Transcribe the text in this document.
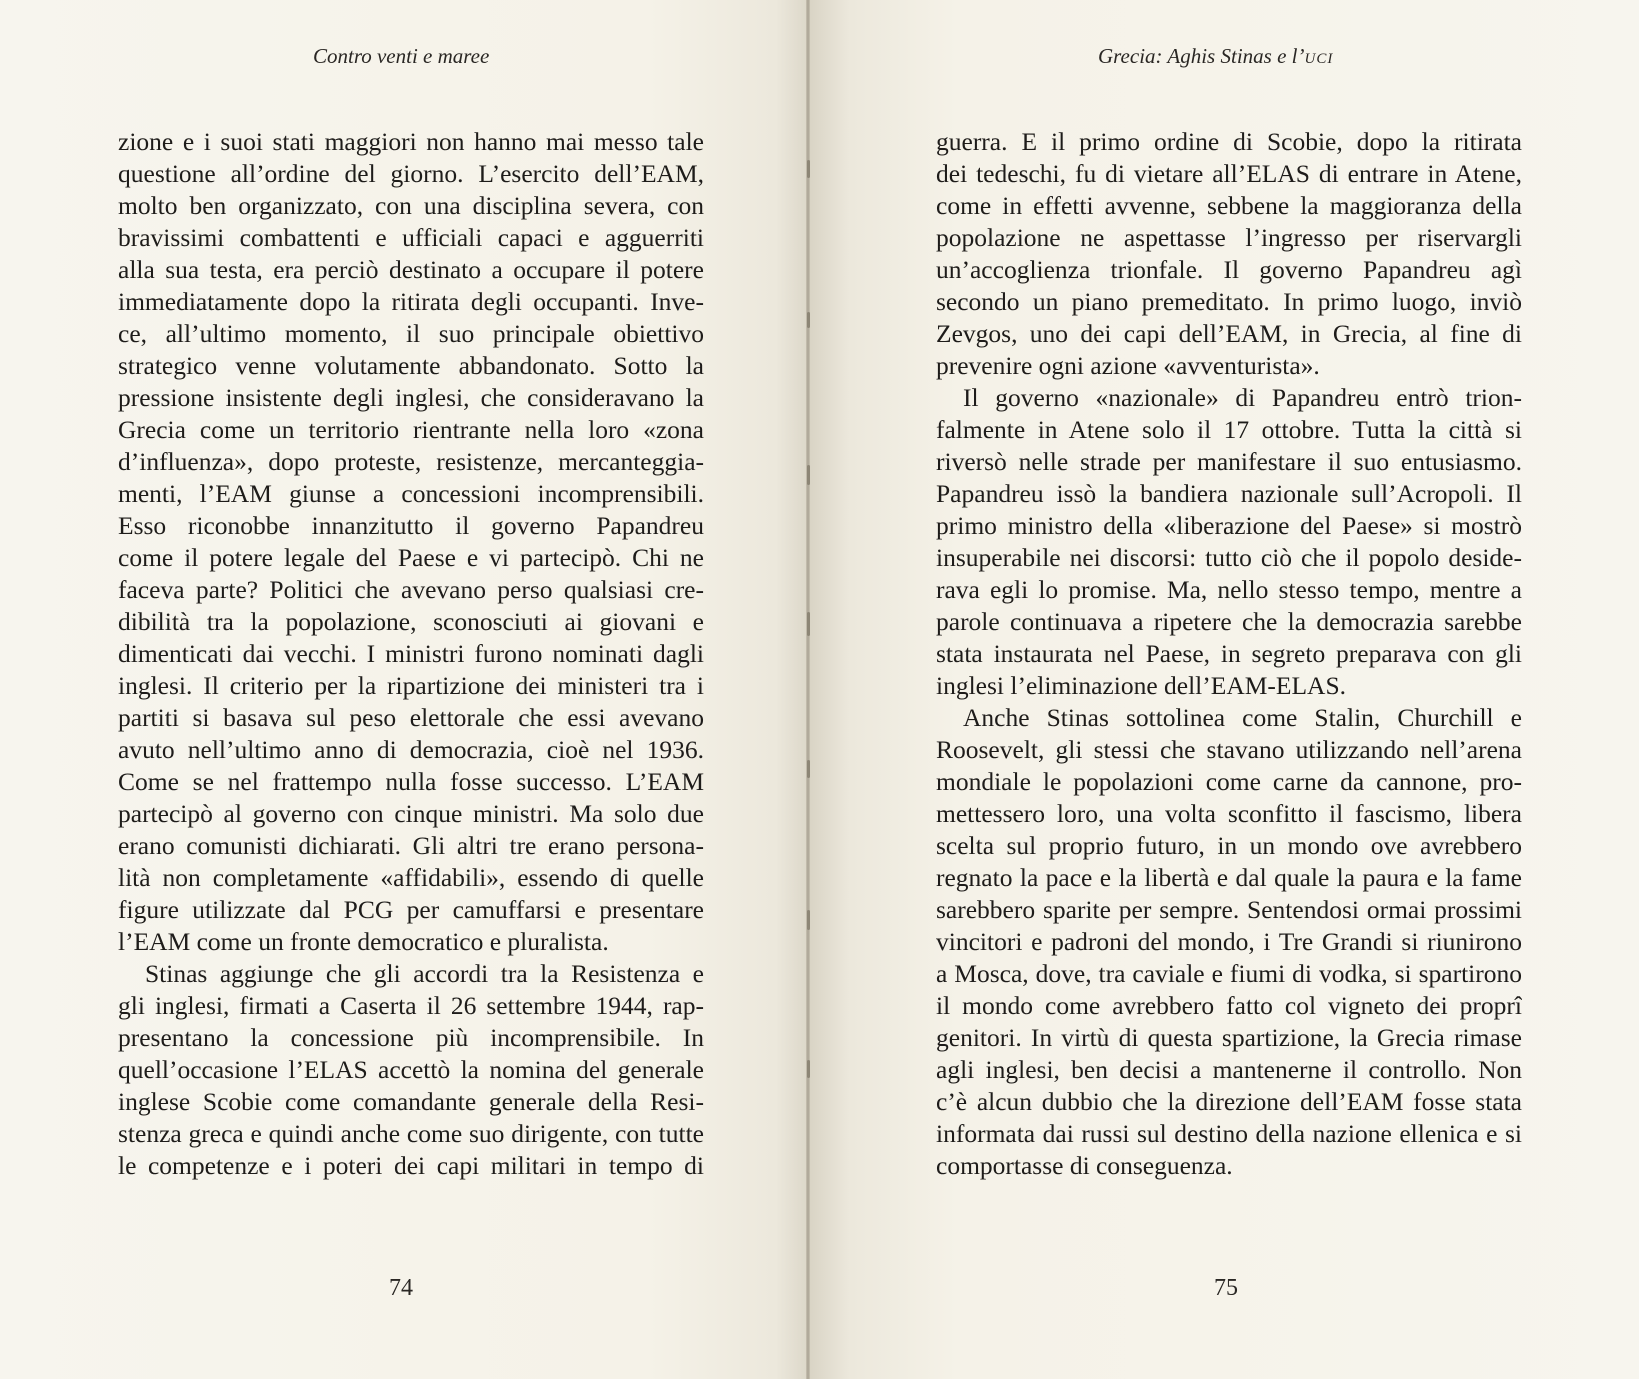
Contro venti e maree
zione e i suoi stati maggiori non hanno mai messo tale
questione all’ordine del giorno. L’esercito dell’EAM,
molto ben organizzato, con una disciplina severa, con
bravissimi combattenti e ufficiali capaci e agguerriti
alla sua testa, era perciò destinato a occupare il potere
immediatamente dopo la ritirata degli occupanti. Inve-
ce, all’ultimo momento, il suo principale obiettivo
strategico venne volutamente abbandonato. Sotto la
pressione insistente degli inglesi, che consideravano la
Grecia come un territorio rientrante nella loro «zona
d’influenza», dopo proteste, resistenze, mercanteggia-
menti, l’EAM giunse a concessioni incomprensibili.
Esso riconobbe innanzitutto il governo Papandreu
come il potere legale del Paese e vi partecipò. Chi ne
faceva parte? Politici che avevano perso qualsiasi cre-
dibilità tra la popolazione, sconosciuti ai giovani e
dimenticati dai vecchi. I ministri furono nominati dagli
inglesi. Il criterio per la ripartizione dei ministeri tra i
partiti si basava sul peso elettorale che essi avevano
avuto nell’ultimo anno di democrazia, cioè nel 1936.
Come se nel frattempo nulla fosse successo. L’EAM
partecipò al governo con cinque ministri. Ma solo due
erano comunisti dichiarati. Gli altri tre erano persona-
lità non completamente «affidabili», essendo di quelle
figure utilizzate dal PCG per camuffarsi e presentare
l’EAM come un fronte democratico e pluralista.
Stinas aggiunge che gli accordi tra la Resistenza e
gli inglesi, firmati a Caserta il 26 settembre 1944, rap-
presentano la concessione più incomprensibile. In
quell’occasione l’ELAS accettò la nomina del generale
inglese Scobie come comandante generale della Resi-
stenza greca e quindi anche come suo dirigente, con tutte
le competenze e i poteri dei capi militari in tempo di
74
Grecia: Aghis Stinas e l’UCI
guerra. E il primo ordine di Scobie, dopo la ritirata
dei tedeschi, fu di vietare all’ELAS di entrare in Atene,
come in effetti avvenne, sebbene la maggioranza della
popolazione ne aspettasse l’ingresso per riservargli
un’accoglienza trionfale. Il governo Papandreu agì
secondo un piano premeditato. In primo luogo, inviò
Zevgos, uno dei capi dell’EAM, in Grecia, al fine di
prevenire ogni azione «avventurista».
Il governo «nazionale» di Papandreu entrò trion-
falmente in Atene solo il 17 ottobre. Tutta la città si
riversò nelle strade per manifestare il suo entusiasmo.
Papandreu issò la bandiera nazionale sull’Acropoli. Il
primo ministro della «liberazione del Paese» si mostrò
insuperabile nei discorsi: tutto ciò che il popolo deside-
rava egli lo promise. Ma, nello stesso tempo, mentre a
parole continuava a ripetere che la democrazia sarebbe
stata instaurata nel Paese, in segreto preparava con gli
inglesi l’eliminazione dell’EAM-ELAS.
Anche Stinas sottolinea come Stalin, Churchill e
Roosevelt, gli stessi che stavano utilizzando nell’arena
mondiale le popolazioni come carne da cannone, pro-
mettessero loro, una volta sconfitto il fascismo, libera
scelta sul proprio futuro, in un mondo ove avrebbero
regnato la pace e la libertà e dal quale la paura e la fame
sarebbero sparite per sempre. Sentendosi ormai prossimi
vincitori e padroni del mondo, i Tre Grandi si riunirono
a Mosca, dove, tra caviale e fiumi di vodka, si spartirono
il mondo come avrebbero fatto col vigneto dei proprî
genitori. In virtù di questa spartizione, la Grecia rimase
agli inglesi, ben decisi a mantenerne il controllo. Non
c’è alcun dubbio che la direzione dell’EAM fosse stata
informata dai russi sul destino della nazione ellenica e si
comportasse di conseguenza.
75
